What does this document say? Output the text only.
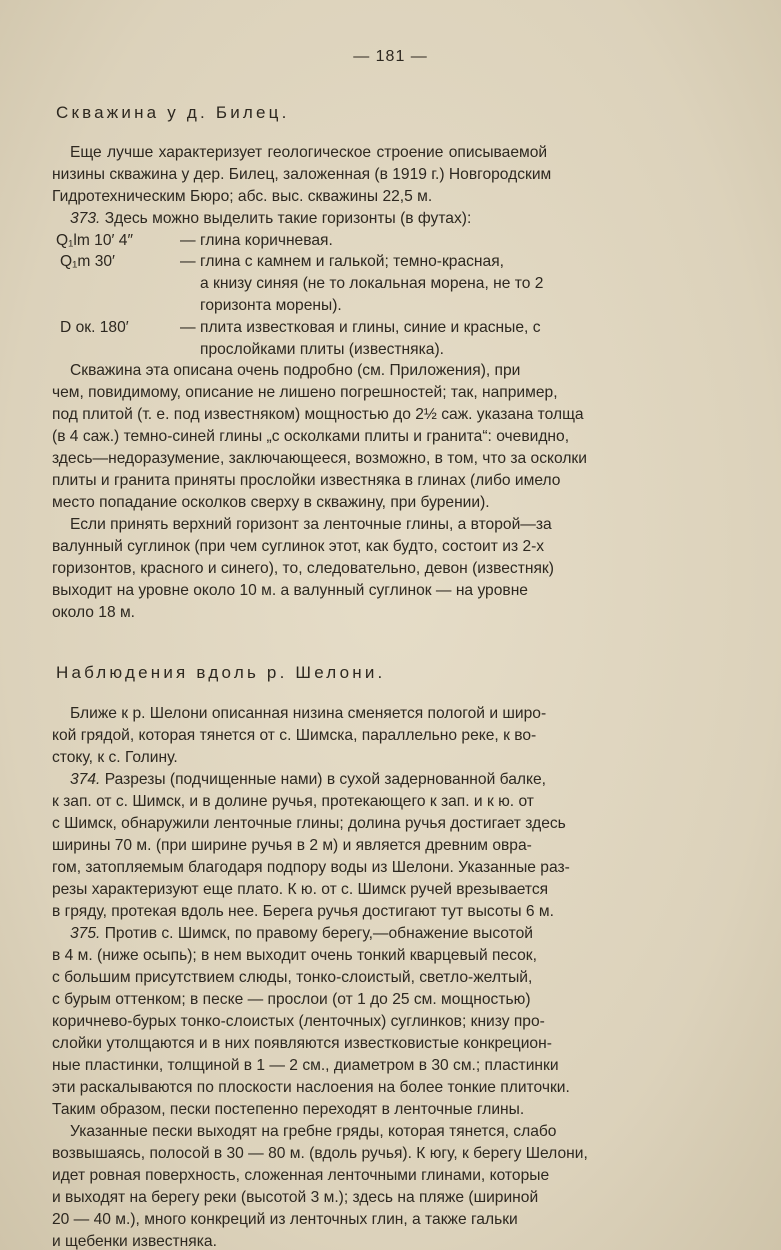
— 181 —
Скважина у д. Билец.
Еще лучше характеризует геологическое строение описываемой
низины скважина у дер. Билец, заложенная (в 1919 г.) Новгородским
Гидротехническим Бюро; абс. выс. скважины 22,5 м.
373. Здесь можно выделить такие горизонты (в футах):
Q₁lm 10′ 4″	— глина коричневая.
Q₁m 30′	— глина с камнем и галькой; темно-красная,
а книзу синяя (не то локальная морена, не то 2
горизонта морены).
D ок. 180′	— плита известковая и глины, синие и красные, с
прослойками плиты (известняка).
Скважина эта описана очень подробно (см. Приложения), при
чем, повидимому, описание не лишено погрешностей; так, например,
под плитой (т. е. под известняком) мощностью до 2½ саж. указана толща
(в 4 саж.) темно-синей глины „с осколками плиты и гранита“: очевидно,
здесь—недоразумение, заключающееся, возможно, в том, что за осколки
плиты и гранита приняты прослойки известняка в глинах (либо имело
место попадание осколков сверху в скважину, при бурении).
Если принять верхний горизонт за ленточные глины, а второй—за
валунный суглинок (при чем суглинок этот, как будто, состоит из 2-х
горизонтов, красного и синего), то, следовательно, девон (известняк)
выходит на уровне около 10 м. а валунный суглинок — на уровне
около 18 м.
Наблюдения вдоль р. Шелони.
Ближе к р. Шелони описанная низина сменяется пологой и широ-
кой грядой, которая тянется от с. Шимска, параллельно реке, к во-
стоку, к с. Голину.
374. Разрезы (подчищенные нами) в сухой задернованной балке,
к зап. от с. Шимск, и в долине ручья, протекающего к зап. и к ю. от
с Шимск, обнаружили ленточные глины; долина ручья достигает здесь
ширины 70 м. (при ширине ручья в 2 м) и является древним овра-
гом, затопляемым благодаря подпору воды из Шелони. Указанные раз-
резы характеризуют еще плато. К ю. от с. Шимск ручей врезывается
в гряду, протекая вдоль нее. Берега ручья достигают тут высоты 6 м.
375. Против с. Шимск, по правому берегу,—обнажение высотой
в 4 м. (ниже осыпь); в нем выходит очень тонкий кварцевый песок,
с большим присутствием слюды, тонко-слоистый, светло-желтый,
с бурым оттенком; в песке — прослои (от 1 до 25 см. мощностью)
коричнево-бурых тонко-слоистых (ленточных) суглинков; книзу про-
слойки утолщаются и в них появляются известковистые конкрецион-
ные пластинки, толщиной в 1 — 2 см., диаметром в 30 см.; пластинки
эти раскалываются по плоскости наслоения на более тонкие плиточки.
Таким образом, пески постепенно переходят в ленточные глины.
Указанные пески выходят на гребне гряды, которая тянется, слабо
возвышаясь, полосой в 30 — 80 м. (вдоль ручья). К югу, к берегу Шелони,
идет ровная поверхность, сложенная ленточными глинами, которые
и выходят на берегу реки (высотой 3 м.); здесь на пляже (шириной
20 — 40 м.), много конкреций из ленточных глин, а также гальки
и щебенки известняка.
